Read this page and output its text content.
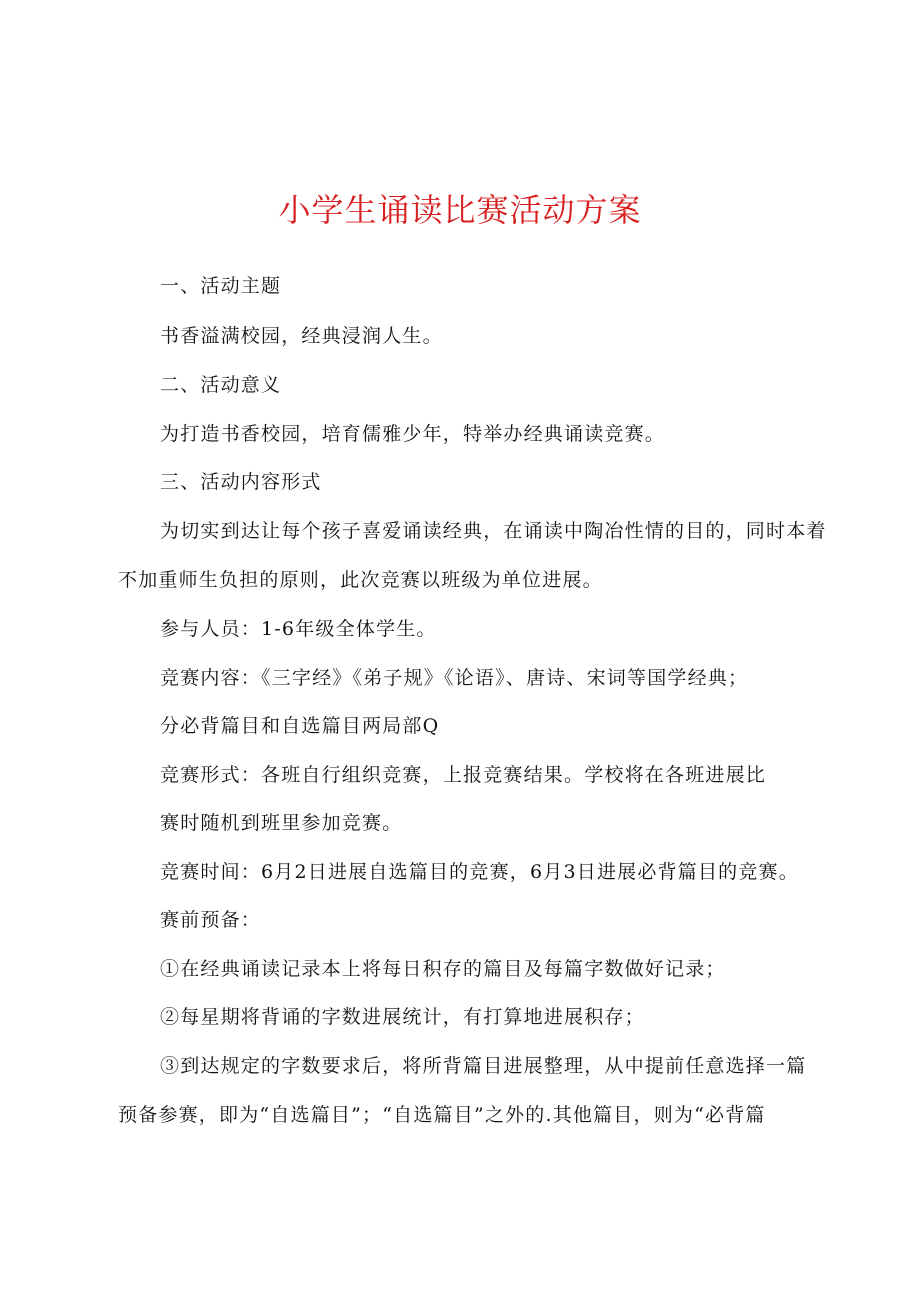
小学生诵读比赛活动方案
一、活动主题
书香溢满校园，经典浸润人生。
二、活动意义
为打造书香校园，培育儒雅少年，特举办经典诵读竞赛。
三、活动内容形式
为切实到达让每个孩子喜爱诵读经典，在诵读中陶冶性情的目的，同时本着
不加重师生负担的原则，此次竞赛以班级为单位进展。
参与人员：1-6年级全体学生。
竞赛内容：《三字经》《弟子规》《论语》、唐诗、宋词等国学经典；
分必背篇目和自选篇目两局部Q
竞赛形式：各班自行组织竞赛，上报竞赛结果。学校将在各班进展比
赛时随机到班里参加竞赛。
竞赛时间：6月2日进展自选篇目的竞赛，6月3日进展必背篇目的竞赛。
赛前预备：
①在经典诵读记录本上将每日积存的篇目及每篇字数做好记录；
②每星期将背诵的字数进展统计，有打算地进展积存；
③到达规定的字数要求后，将所背篇目进展整理，从中提前任意选择一篇
预备参赛，即为“自选篇目”；“自选篇目”之外的.其他篇目，则为“必背篇
